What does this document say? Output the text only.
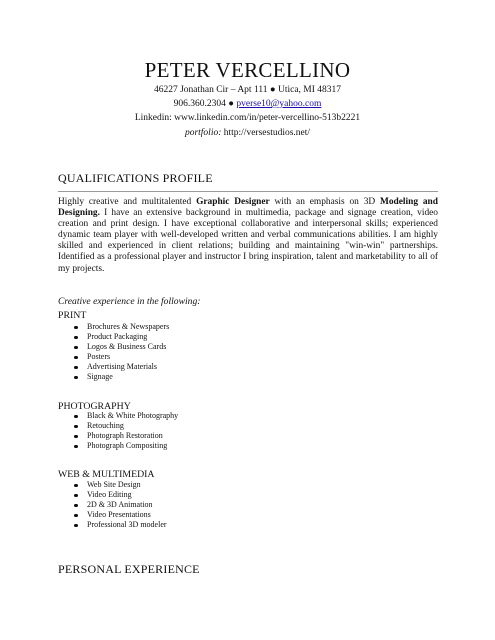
PETER VERCELLINO
46227 Jonathan Cir – Apt 111 ● Utica, MI 48317
906.360.2304 ● pverse10@yahoo.com
Linkedin: www.linkedin.com/in/peter-vercellino-513b2221
portfolio: http://versestudios.net/
QUALIFICATIONS PROFILE
Highly creative and multitalented Graphic Designer with an emphasis on 3D Modeling and Designing. I have an extensive background in multimedia, package and signage creation, video creation and print design. I have exceptional collaborative and interpersonal skills; experienced dynamic team player with well-developed written and verbal communications abilities. I am highly skilled and experienced in client relations; building and maintaining "win-win" partnerships. Identified as a professional player and instructor I bring inspiration, talent and marketability to all of my projects.
Creative experience in the following:
PRINT
Brochures & Newspapers
Product Packaging
Logos & Business Cards
Posters
Advertising Materials
Signage
PHOTOGRAPHY
Black & White Photography
Retouching
Photograph Restoration
Photograph Compositing
WEB & MULTIMEDIA
Web Site Design
Video Editing
2D & 3D Animation
Video Presentations
Professional 3D modeler
PERSONAL EXPERIENCE
